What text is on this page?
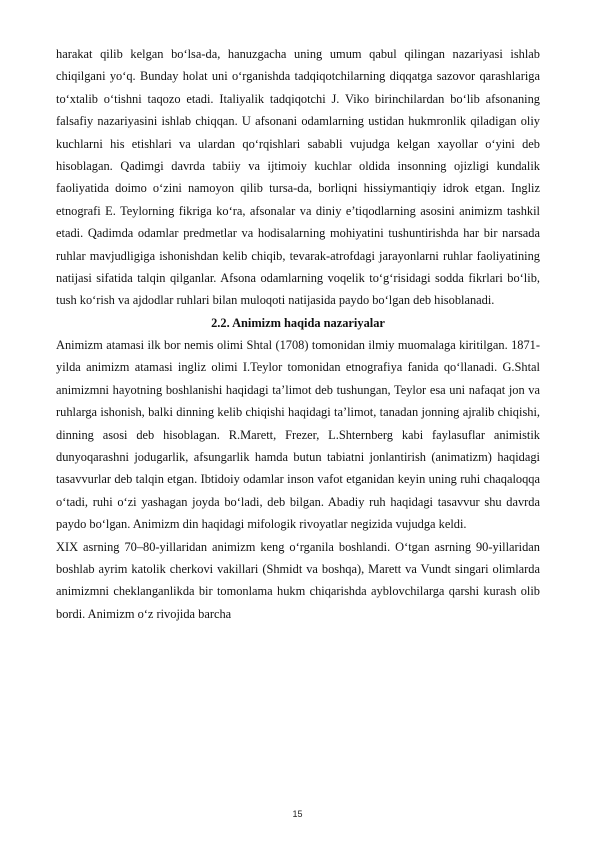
harakat qilib kelgan bo‘lsa-da, hanuzgacha uning umum qabul qilingan nazariyasi ishlab chiqilgani yo‘q. Bunday holat uni o‘rganishda tadqiqotchilarning diqqatga sazovor qarashlariga to‘xtalib o‘tishni taqozo etadi. Italiyalik tadqiqotchi J. Viko birinchilardan bo‘lib afsonaning falsafiy nazariyasini ishlab chiqqan. U afsonani odamlarning ustidan hukmronlik qiladigan oliy kuchlarni his etishlari va ulardan qo‘rqishlari sababli vujudga kelgan xayollar o‘yini deb hisoblagan. Qadimgi davrda tabiiy va ijtimoiy kuchlar oldida insonning ojizligi kundalik faoliyatida doimo o‘zini namoyon qilib tursa-da, borliqni hissiymantiqiy idrok etgan. Ingliz etnografi E. Teylorning fikriga ko‘ra, afsonalar va diniy e’tiqodlarning asosini animizm tashkil etadi. Qadimda odamlar predmetlar va hodisalarning mohiyatini tushuntirishda har bir narsada ruhlar mavjudligiga ishonishdan kelib chiqib, tevarak-atrofdagi jarayonlarni ruhlar faoliyatining natijasi sifatida talqin qilganlar. Afsona odamlarning voqelik to‘g‘risidagi sodda fikrlari bo‘lib, tush ko‘rish va ajdodlar ruhlari bilan muloqoti natijasida paydo bo‘lgan deb hisoblanadi.

2.2. Animizm haqida nazariyalar

Animizm atamasi ilk bor nemis olimi Shtal (1708) tomonidan ilmiy muomalaga kiritilgan. 1871-yilda animizm atamasi ingliz olimi I.Teylor tomonidan etnografiya fanida qo‘llanadi. G.Shtal animizmni hayotning boshlanishi haqidagi ta’limot deb tushungan, Teylor esa uni nafaqat jon va ruhlarga ishonish, balki dinning kelib chiqishi haqidagi ta’limot, tanadan jonning ajralib chiqishi, dinning asosi deb hisoblagan. R.Marett, Frezer, L.Shternberg kabi faylasuflar animistik dunyoqarashni jodugarlik, afsungarlik hamda butun tabiatni jonlantirish (animatizm) haqidagi tasavvurlar deb talqin etgan. Ibtidoiy odamlar inson vafot etganidan keyin uning ruhi chaqaloqqa o‘tadi, ruhi o‘zi yashagan joyda bo‘ladi, deb bilgan. Abadiy ruh haqidagi tasavvur shu davrda paydo bo‘lgan. Animizm din haqidagi mifologik rivoyatlar negizida vujudga keldi.

XIX asrning 70–80-yillaridan animizm keng o‘rganila boshlandi. O‘tgan asrning 90-yillaridan boshlab ayrim katolik cherkovi vakillari (Shmidt va boshqa), Marett va Vundt singari olimlarda animizmni cheklanganlikda bir tomonlama hukm chiqarishda ayblovchilarga qarshi kurash olib bordi. Animizm o‘z rivojida barcha

15
